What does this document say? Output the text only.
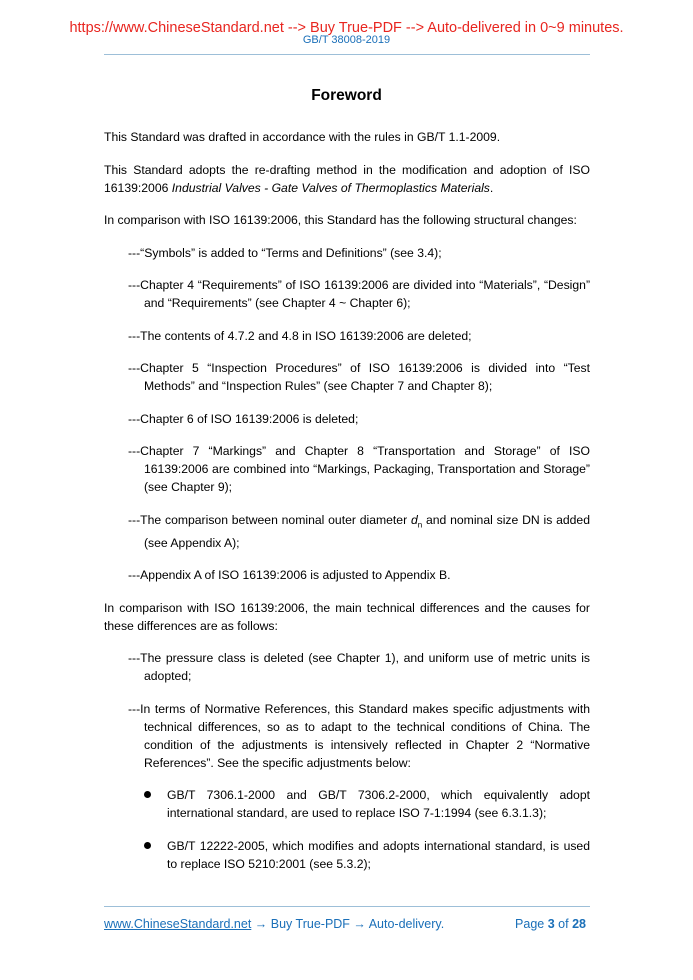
https://www.ChineseStandard.net --> Buy True-PDF --> Auto-delivered in 0~9 minutes.
GB/T 38008-2019
Foreword

This Standard was drafted in accordance with the rules in GB/T 1.1-2009.

This Standard adopts the re-drafting method in the modification and adoption of ISO 16139:2006 Industrial Valves - Gate Valves of Thermoplastics Materials.

In comparison with ISO 16139:2006, this Standard has the following structural changes:

---“Symbols” is added to “Terms and Definitions” (see 3.4);

---Chapter 4 “Requirements” of ISO 16139:2006 are divided into “Materials”, “Design” and “Requirements” (see Chapter 4 ~ Chapter 6);

---The contents of 4.7.2 and 4.8 in ISO 16139:2006 are deleted;

---Chapter 5 “Inspection Procedures” of ISO 16139:2006 is divided into “Test Methods” and “Inspection Rules” (see Chapter 7 and Chapter 8);

---Chapter 6 of ISO 16139:2006 is deleted;

---Chapter 7 “Markings” and Chapter 8 “Transportation and Storage” of ISO 16139:2006 are combined into “Markings, Packaging, Transportation and Storage” (see Chapter 9);

---The comparison between nominal outer diameter $d_n$ and nominal size DN is added (see Appendix A);

---Appendix A of ISO 16139:2006 is adjusted to Appendix B.

In comparison with ISO 16139:2006, the main technical differences and the causes for these differences are as follows:

---The pressure class is deleted (see Chapter 1), and uniform use of metric units is adopted;

---In terms of Normative References, this Standard makes specific adjustments with technical differences, so as to adapt to the technical conditions of China. The condition of the adjustments is intensively reflected in Chapter 2 “Normative References”. See the specific adjustments below:

GB/T 7306.1-2000 and GB/T 7306.2-2000, which equivalently adopt international standard, are used to replace ISO 7-1:1994 (see 6.3.1.3);
GB/T 12222-2005, which modifies and adopts international standard, is used to replace ISO 5210:2001 (see 5.3.2);
www.ChineseStandard.net → Buy True-PDF → Auto-delivery.	Page 3 of 28
